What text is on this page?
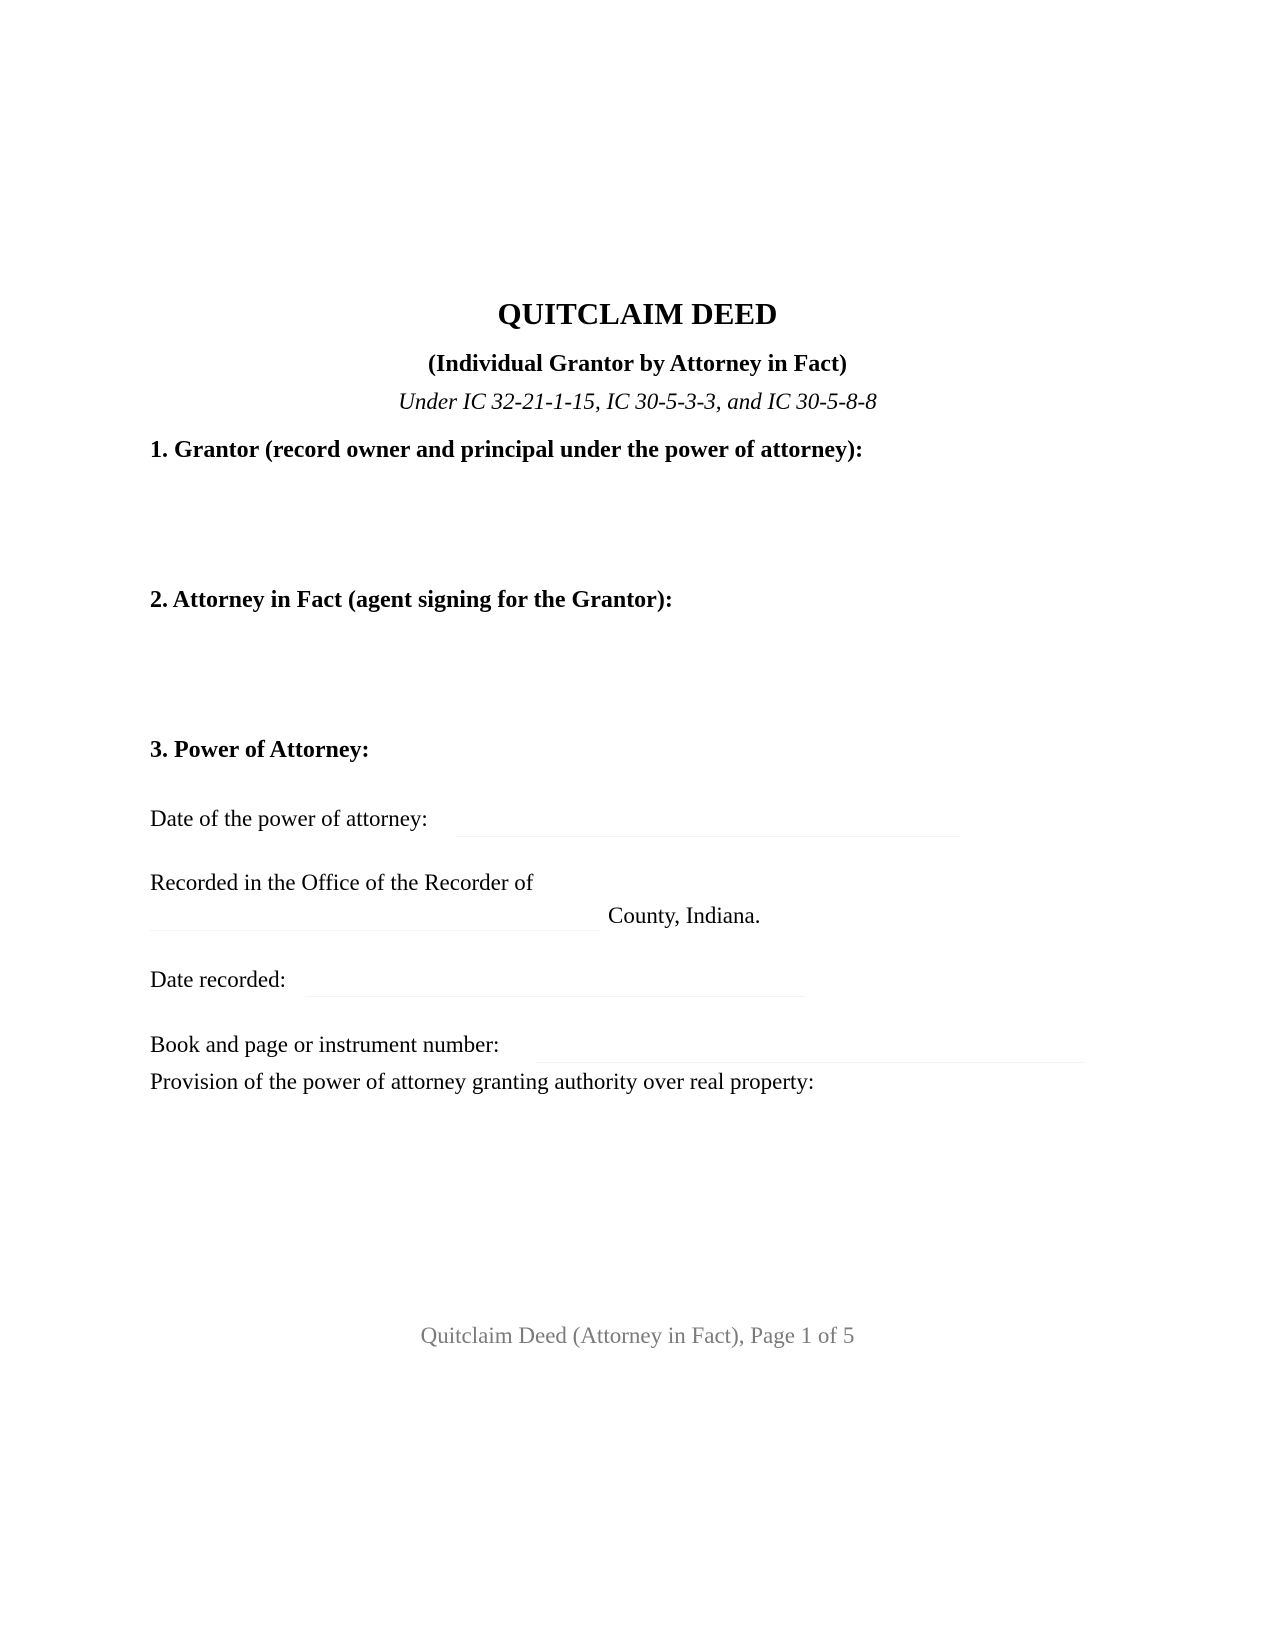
QUITCLAIM DEED
(Individual Grantor by Attorney in Fact)
Under IC 32-21-1-15, IC 30-5-3-3, and IC 30-5-8-8
1. Grantor (record owner and principal under the power of attorney):
2. Attorney in Fact (agent signing for the Grantor):
3. Power of Attorney:
Date of the power of attorney:
Recorded in the Office of the Recorder of
County, Indiana.
Date recorded:
Book and page or instrument number:
Provision of the power of attorney granting authority over real property:
Quitclaim Deed (Attorney in Fact), Page 1 of 5
